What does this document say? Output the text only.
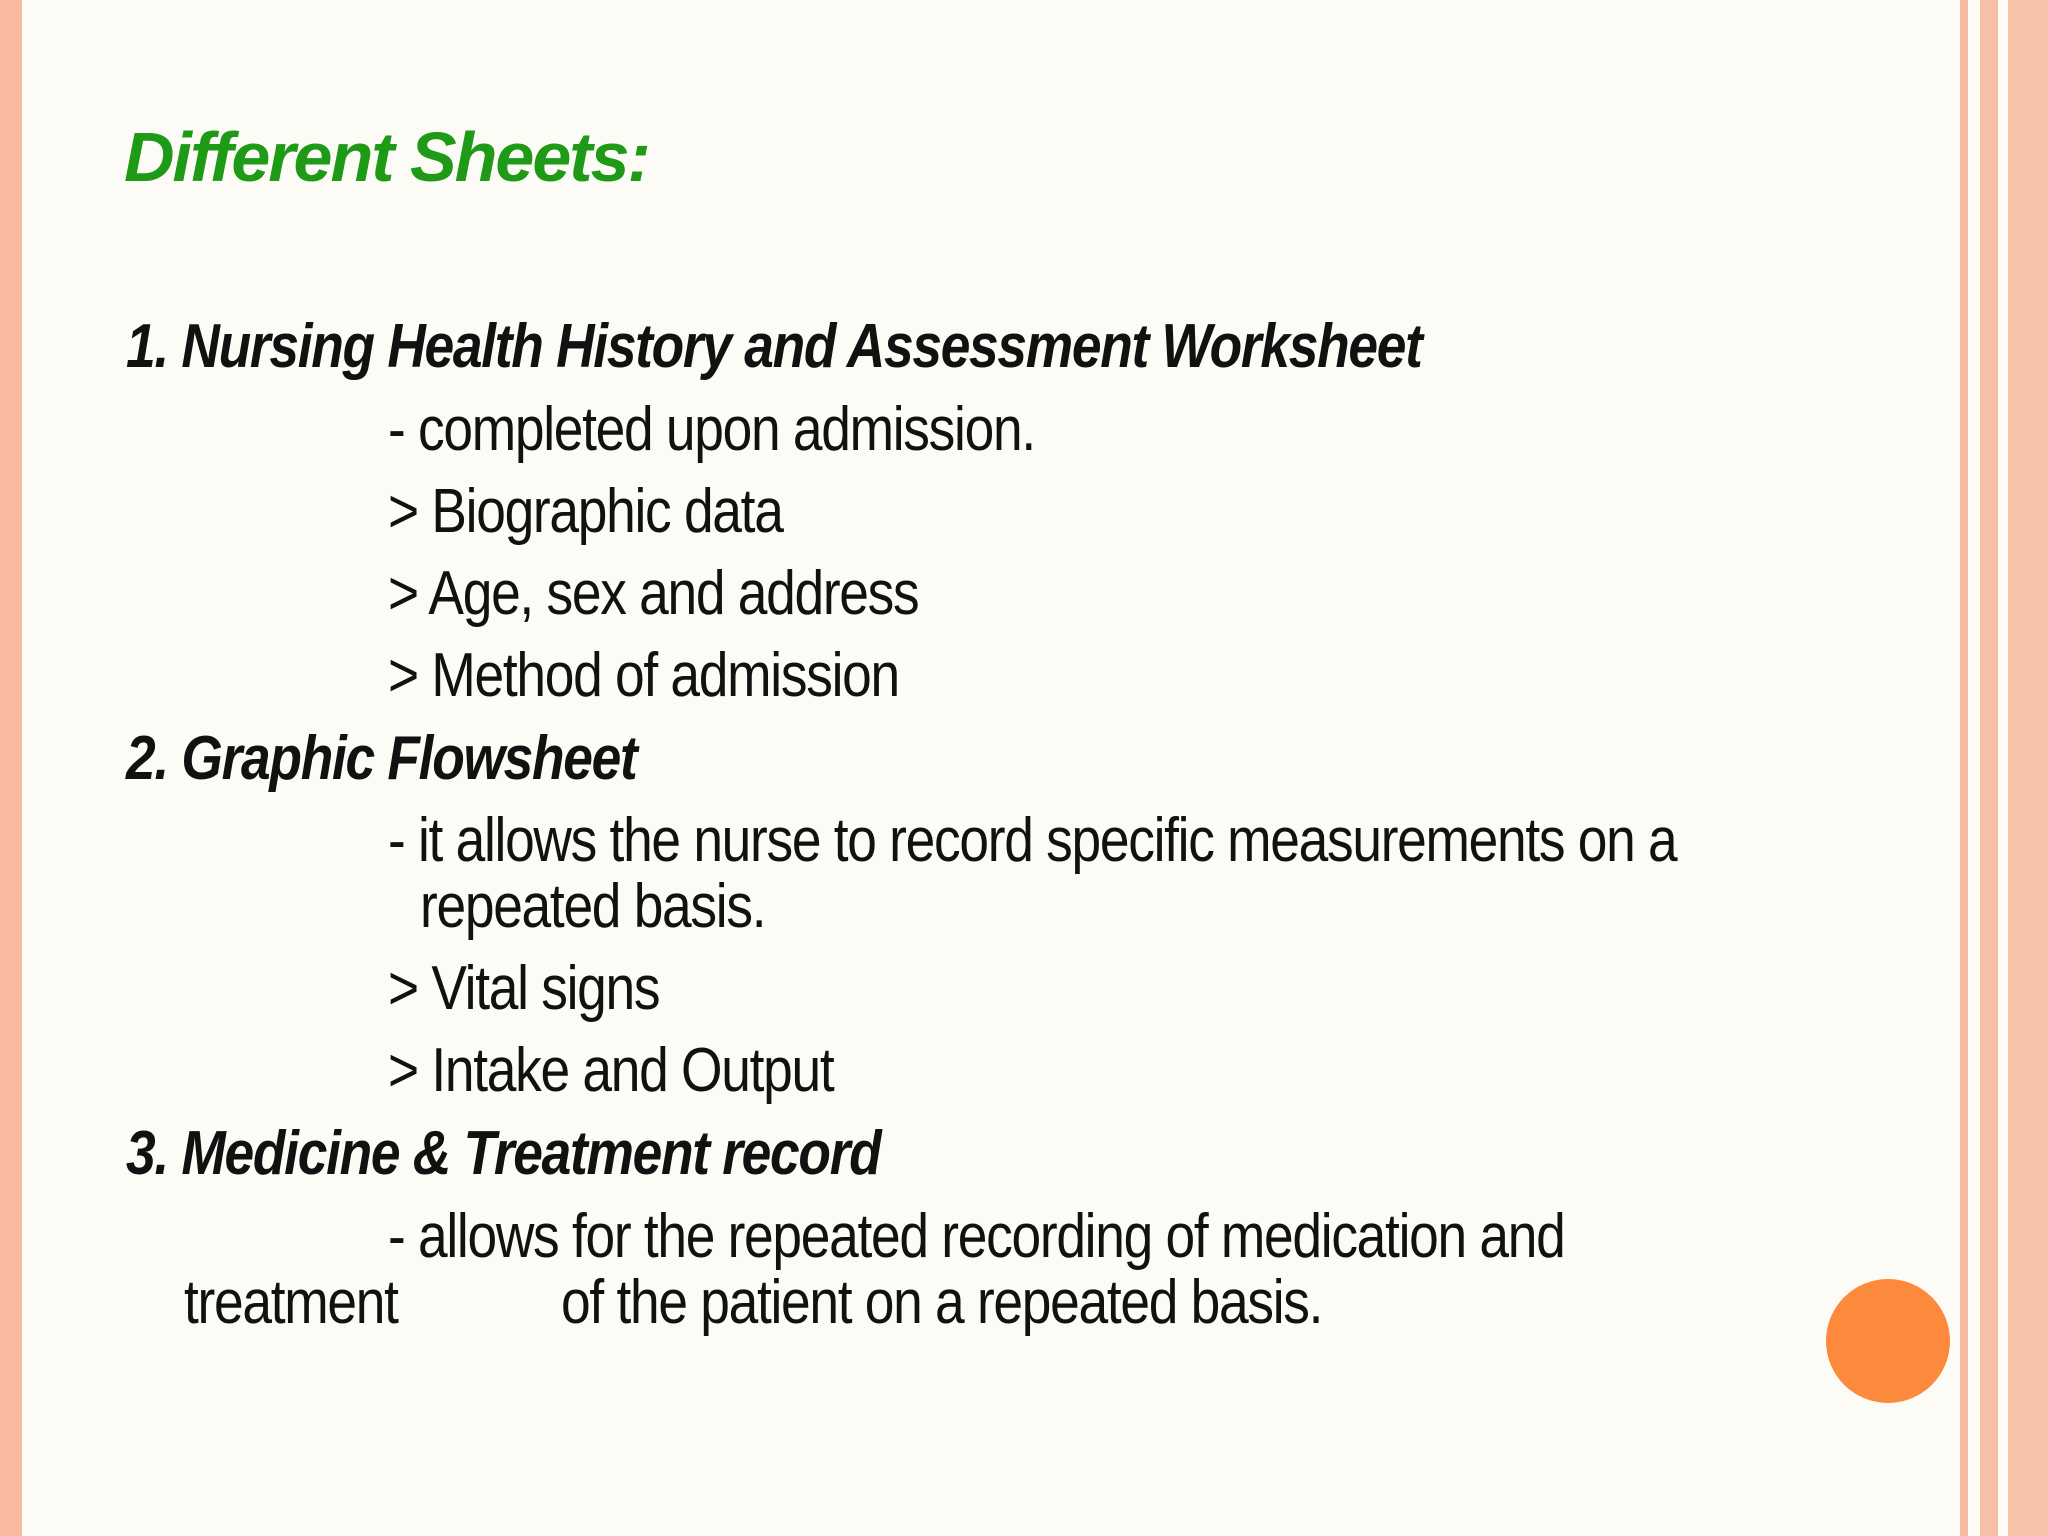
Different Sheets:

1. Nursing Health History and Assessment Worksheet

- completed upon admission.

> Biographic data

> Age, sex and address

> Method of admission

2. Graphic Flowsheet

- it allows the nurse to record specific measurements on a

repeated basis.

> Vital signs

> Intake and Output

3. Medicine & Treatment record

- allows for the repeated recording of medication and

treatment	of the patient on a repeated basis.
